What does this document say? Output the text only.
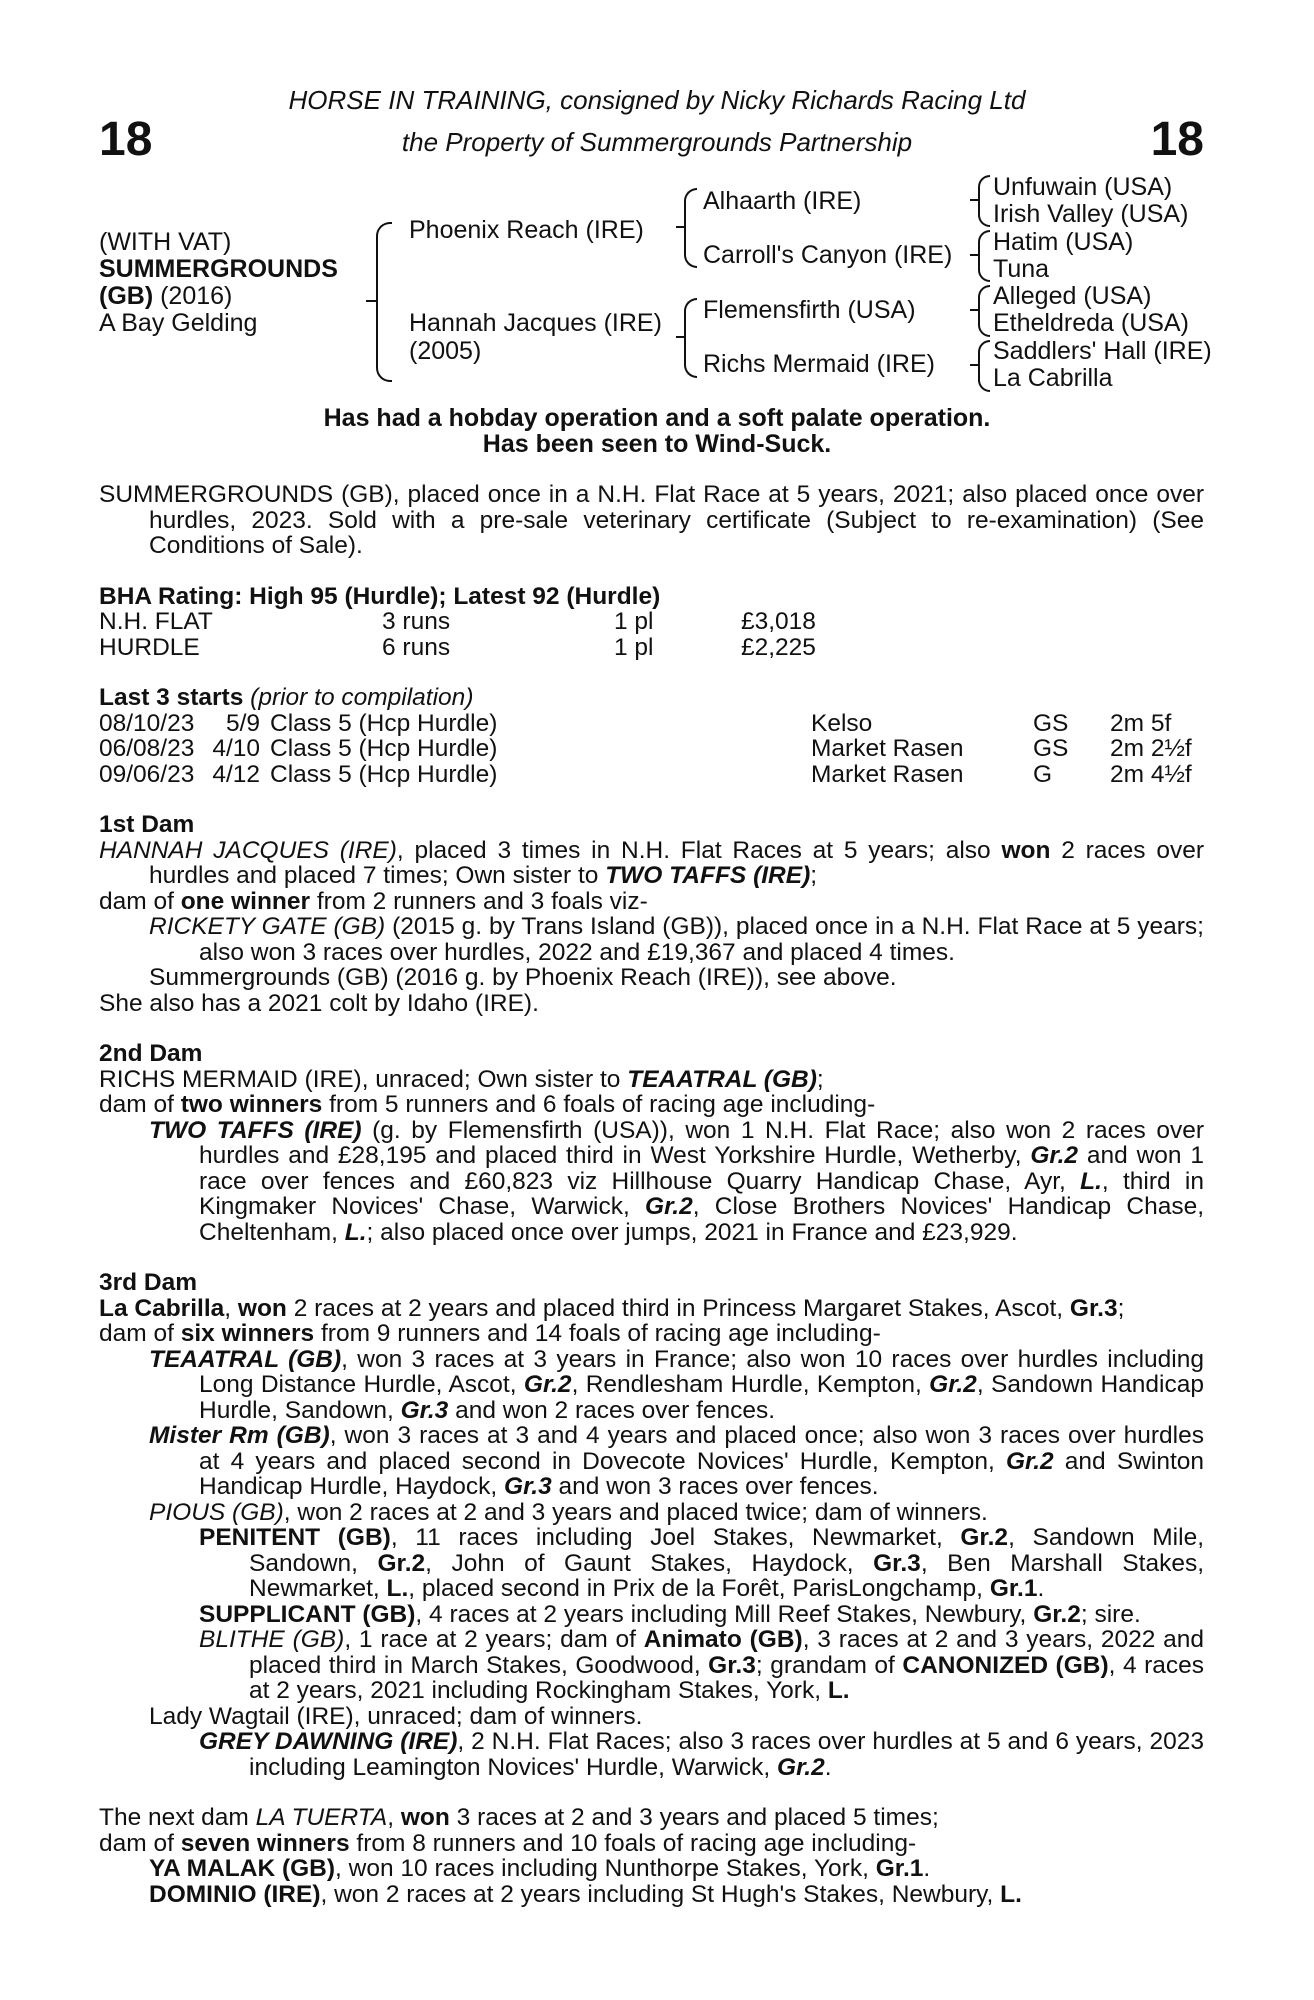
18	18
HORSE IN TRAINING, consigned by Nicky Richards Racing Ltd
the Property of Summergrounds Partnership
(WITH VAT)
SUMMERGROUNDS
(GB) (2016)
A Bay Gelding
Phoenix Reach (IRE)
Hannah Jacques (IRE)
(2005)
Alhaarth (IRE)
Carroll's Canyon (IRE)
Flemensfirth (USA)
Richs Mermaid (IRE)
Unfuwain (USA)
Irish Valley (USA)
Hatim (USA)
Tuna
Alleged (USA)
Etheldreda (USA)
Saddlers' Hall (IRE)
La Cabrilla
Has had a hobday operation and a soft palate operation.
Has been seen to Wind-Suck.

SUMMERGROUNDS (GB), placed once in a N.H. Flat Race at 5 years, 2021; also placed once over hurdles, 2023. Sold with a pre-sale veterinary certificate (Subject to re-examination) (See Conditions of Sale).

BHA Rating: High 95 (Hurdle); Latest 92 (Hurdle)
N.H. FLAT	3 runs	1 pl	£3,018
HURDLE	6 runs	1 pl	£2,225
Last 3 starts (prior to compilation)
08/10/23	5/9	Class 5 (Hcp Hurdle)	Kelso	GS	2m 5f
06/08/23	4/10	Class 5 (Hcp Hurdle)	Market Rasen	GS	2m 2½f
09/06/23	4/12	Class 5 (Hcp Hurdle)	Market Rasen	G	2m 4½f
1st Dam

HANNAH JACQUES (IRE), placed 3 times in N.H. Flat Races at 5 years; also won 2 races over hurdles and placed 7 times; Own sister to TWO TAFFS (IRE);

dam of one winner from 2 runners and 3 foals viz-

RICKETY GATE (GB) (2015 g. by Trans Island (GB)), placed once in a N.H. Flat Race at 5 years; also won 3 races over hurdles, 2022 and £19,367 and placed 4 times.

Summergrounds (GB) (2016 g. by Phoenix Reach (IRE)), see above.

She also has a 2021 colt by Idaho (IRE).

2nd Dam

RICHS MERMAID (IRE), unraced; Own sister to TEAATRAL (GB);

dam of two winners from 5 runners and 6 foals of racing age including-

TWO TAFFS (IRE) (g. by Flemensfirth (USA)), won 1 N.H. Flat Race; also won 2 races over hurdles and £28,195 and placed third in West Yorkshire Hurdle, Wetherby, Gr.2 and won 1 race over fences and £60,823 viz Hillhouse Quarry Handicap Chase, Ayr, L., third in Kingmaker Novices' Chase, Warwick, Gr.2, Close Brothers Novices' Handicap Chase, Cheltenham, L.; also placed once over jumps, 2021 in France and £23,929.

3rd Dam

La Cabrilla, won 2 races at 2 years and placed third in Princess Margaret Stakes, Ascot, Gr.3;

dam of six winners from 9 runners and 14 foals of racing age including-

TEAATRAL (GB), won 3 races at 3 years in France; also won 10 races over hurdles including Long Distance Hurdle, Ascot, Gr.2, Rendlesham Hurdle, Kempton, Gr.2, Sandown Handicap Hurdle, Sandown, Gr.3 and won 2 races over fences.

Mister Rm (GB), won 3 races at 3 and 4 years and placed once; also won 3 races over hurdles at 4 years and placed second in Dovecote Novices' Hurdle, Kempton, Gr.2 and Swinton Handicap Hurdle, Haydock, Gr.3 and won 3 races over fences.

PIOUS (GB), won 2 races at 2 and 3 years and placed twice; dam of winners.

PENITENT (GB), 11 races including Joel Stakes, Newmarket, Gr.2, Sandown Mile, Sandown, Gr.2, John of Gaunt Stakes, Haydock, Gr.3, Ben Marshall Stakes, Newmarket, L., placed second in Prix de la Forêt, ParisLongchamp, Gr.1.

SUPPLICANT (GB), 4 races at 2 years including Mill Reef Stakes, Newbury, Gr.2; sire.

BLITHE (GB), 1 race at 2 years; dam of Animato (GB), 3 races at 2 and 3 years, 2022 and placed third in March Stakes, Goodwood, Gr.3; grandam of CANONIZED (GB), 4 races at 2 years, 2021 including Rockingham Stakes, York, L.

Lady Wagtail (IRE), unraced; dam of winners.

GREY DAWNING (IRE), 2 N.H. Flat Races; also 3 races over hurdles at 5 and 6 years, 2023 including Leamington Novices' Hurdle, Warwick, Gr.2.

The next dam LA TUERTA, won 3 races at 2 and 3 years and placed 5 times;

dam of seven winners from 8 runners and 10 foals of racing age including-

YA MALAK (GB), won 10 races including Nunthorpe Stakes, York, Gr.1.

DOMINIO (IRE), won 2 races at 2 years including St Hugh's Stakes, Newbury, L.
